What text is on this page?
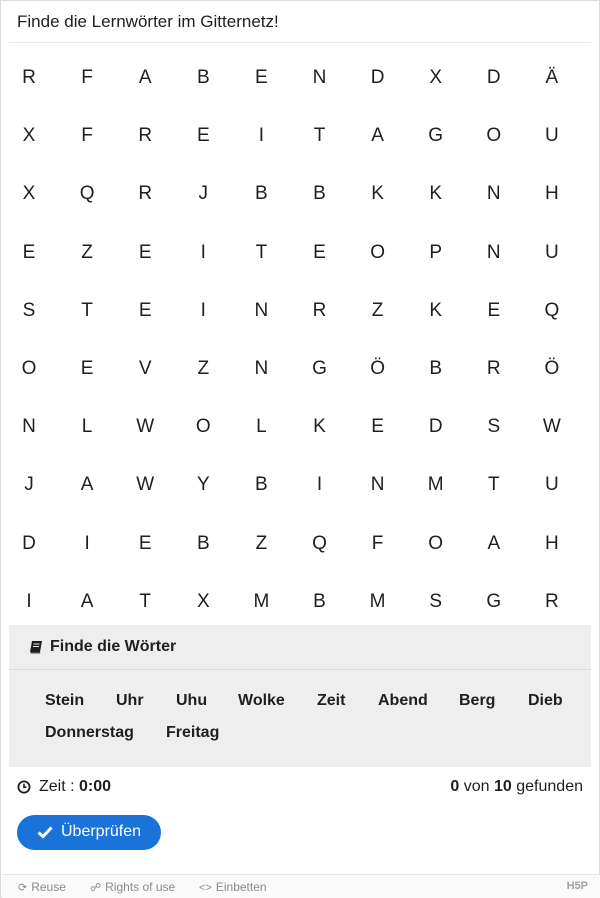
Finde die Lernwörter im Gitternetz!
R	F	A	B	E	N	D	X	D	Ä
X	F	R	E	I	T	A	G	O	U
X	Q	R	J	B	B	K	K	N	H
E	Z	E	I	T	E	O	P	N	U
S	T	E	I	N	R	Z	K	E	Q
O	E	V	Z	N	G	Ö	B	R	Ö
N	L	W	O	L	K	E	D	S	W
J	A	W	Y	B	I	N	M	T	U
D	I	E	B	Z	Q	F	O	A	H
I	A	T	X	M	B	M	S	G	R
Finde die Wörter
Stein Uhr Uhu Wolke Zeit Abend Berg Dieb
Donnerstag Freitag
Zeit : 0:00	0 von 10 gefunden
Überprüfen
⟳ Reuse ☍ Rights of use <> Einbetten	H5P
